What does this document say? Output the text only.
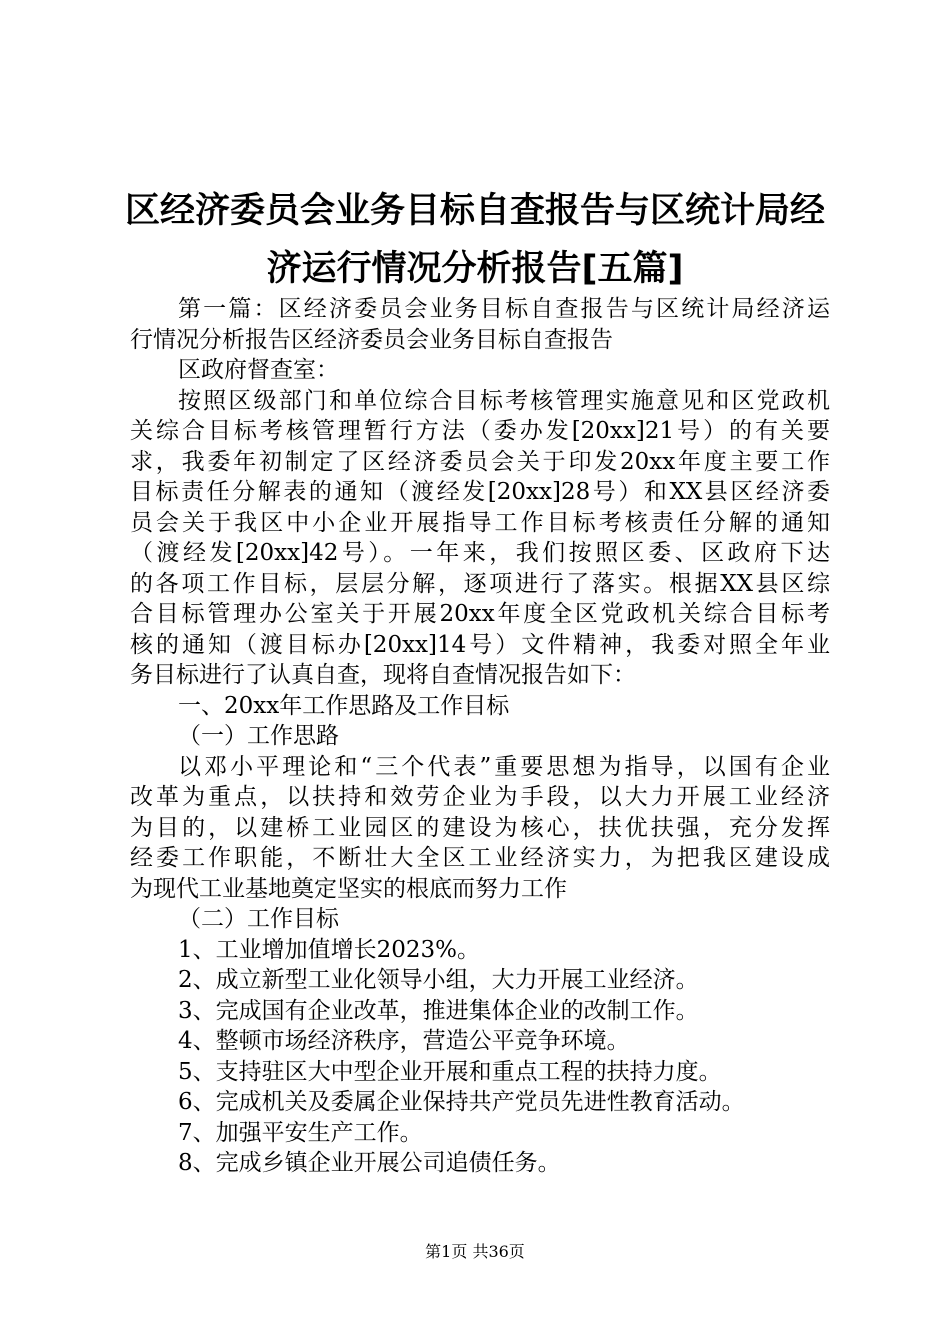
区经济委员会业务目标自查报告与区统计局经
济运行情况分析报告[五篇]
第一篇：区经济委员会业务目标自查报告与区统计局经济运
行情况分析报告区经济委员会业务目标自查报告
区政府督查室：
按照区级部门和单位综合目标考核管理实施意见和区党政机
关综合目标考核管理暂行方法（委办发[20xx]21号）的有关要
求，我委年初制定了区经济委员会关于印发20xx年度主要工作
目标责任分解表的通知（渡经发[20xx]28号）和XX县区经济委
员会关于我区中小企业开展指导工作目标考核责任分解的通知
（渡经发[20xx]42号）。一年来，我们按照区委、区政府下达
的各项工作目标，层层分解，逐项进行了落实。根据XX县区综
合目标管理办公室关于开展20xx年度全区党政机关综合目标考
核的通知（渡目标办[20xx]14号）文件精神，我委对照全年业
务目标进行了认真自查，现将自查情况报告如下：
一、20xx年工作思路及工作目标
（一）工作思路
以邓小平理论和“三个代表”重要思想为指导，以国有企业
改革为重点，以扶持和效劳企业为手段，以大力开展工业经济
为目的，以建桥工业园区的建设为核心，扶优扶强，充分发挥
经委工作职能，不断壮大全区工业经济实力，为把我区建设成
为现代工业基地奠定坚实的根底而努力工作
（二）工作目标
1、工业增加值增长2023%。
2、成立新型工业化领导小组，大力开展工业经济。
3、完成国有企业改革，推进集体企业的改制工作。
4、整顿市场经济秩序，营造公平竞争环境。
5、支持驻区大中型企业开展和重点工程的扶持力度。
6、完成机关及委属企业保持共产党员先进性教育活动。
7、加强平安生产工作。
8、完成乡镇企业开展公司追债任务。
第1页 共36页
